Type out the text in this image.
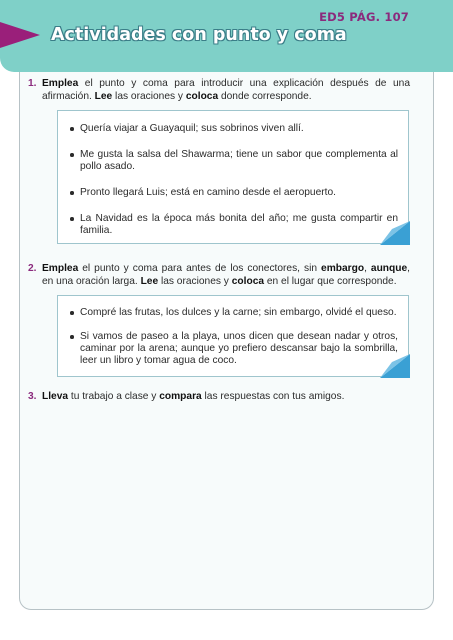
ED5 PÁG. 107
Actividades con punto y coma
1. Emplea el punto y coma para introducir una explicación después de una afirmación. Lee las oraciones y coloca donde corresponde.
Quería viajar a Guayaquil; sus sobrinos viven allí.
Me gusta la salsa del Shawarma; tiene un sabor que complementa al pollo asado.
Pronto llegará Luis; está en camino desde el aeropuerto.
La Navidad es la época más bonita del año; me gusta compartir en familia.
2. Emplea el punto y coma para antes de los conectores, sin embargo, aunque, en una oración larga. Lee las oraciones y coloca en el lugar que corresponde.
Compré las frutas, los dulces y la carne; sin embargo, olvidé el queso.
Si vamos de paseo a la playa, unos dicen que desean nadar y otros, caminar por la arena; aunque yo prefiero descansar bajo la sombrilla, leer un libro y tomar agua de coco.
3. Lleva tu trabajo a clase y compara las respuestas con tus amigos.
